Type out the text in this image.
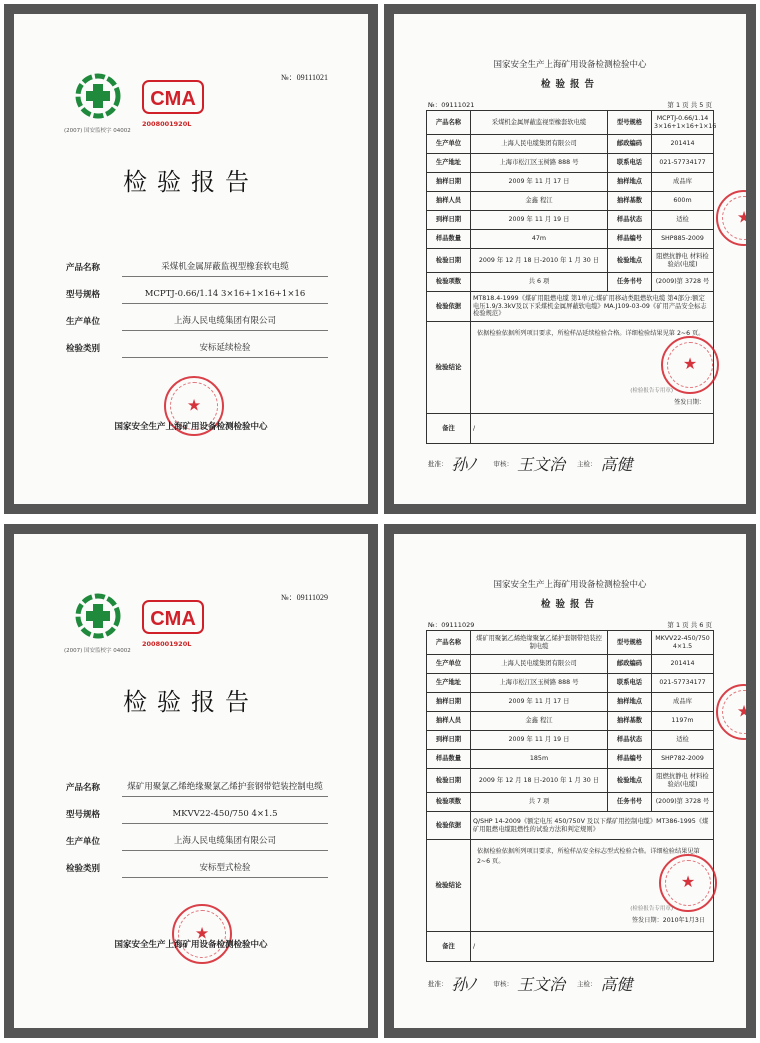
№：09111021
CMA
(2007) 国安监校字 04002
2008001920L
检验报告
产品名称	采煤机金属屏蔽监视型橡套软电缆
型号规格	MCPTJ-0.66/1.14 3×16+1×16+1×16
生产单位	上海人民电缆集团有限公司
检验类别	安标延续检验
★
国家安全生产上海矿用设备检测检验中心
国家安全生产上海矿用设备检测检验中心
检验报告
№：09111021	第 1 页 共 5 页
产品名称	采煤机金属屏蔽监视型橡套软电缆	型号规格	MCPTJ-0.66/1.14 3×16+1×16+1×16
生产单位	上海人民电缆集团有限公司	邮政编码	201414
生产地址	上海市松江区玉树路 888 号	联系电话	021-57734177
抽样日期	2009 年 11 月 17 日	抽样地点	成品库
抽样人员	金鑫 程江	抽样基数	600m
到样日期	2009 年 11 月 19 日	样品状态	适检
样品数量	47m	样品编号	SHP885-2009
检验日期	2009 年 12 月 18 日-2010 年 1 月 30 日	检验地点	阻燃抗静电 材料检验站(电缆)
检验项数	共 6 项	任务书号	(2009)第 3728 号
检验依据	MT818.4-1999《煤矿用阻燃电缆 第1单元:煤矿用移动类阻燃软电缆 第4部分:额定电压1.9/3.3kV及以下采煤机金属屏蔽软电缆》MA.J109-03-09《矿用产品安全标志检验规范》		

检验结论	依据检验依据所列项目要求，所检样品延续检验合格。详细检验结果见第 2~6 页。
(检验报告专用章)
签发日期：
★

备注	/		
批准： 孙ﾉ	审核： 王文治 主检： 高健
★
№：09111029
CMA
(2007) 国安监校字 04002
2008001920L
检验报告
产品名称	煤矿用聚氯乙烯绝缘聚氯乙烯护套钢带铠装控制电缆
型号规格	MKVV22-450/750 4×1.5
生产单位	上海人民电缆集团有限公司
检验类别	安标型式检验
★
国家安全生产上海矿用设备检测检验中心
国家安全生产上海矿用设备检测检验中心
检验报告
№：09111029	第 1 页 共 6 页
产品名称	煤矿用聚氯乙烯绝缘聚氯乙烯护套钢带铠装控制电缆	型号规格	MKVV22-450/750 4×1.5
生产单位	上海人民电缆集团有限公司	邮政编码	201414
生产地址	上海市松江区玉树路 888 号	联系电话	021-57734177
抽样日期	2009 年 11 月 17 日	抽样地点	成品库
抽样人员	金鑫 程江	抽样基数	1197m
到样日期	2009 年 11 月 19 日	样品状态	适检
样品数量	185m	样品编号	SHP782-2009
检验日期	2009 年 12 月 18 日-2010 年 1 月 30 日	检验地点	阻燃抗静电 材料检验站(电缆)
检验项数	共 7 项	任务书号	(2009)第 3728 号
检验依据	Q/SHP 14-2009《额定电压 450/750V 及以下煤矿用控制电缆》MT386-1995《煤矿用阻燃电缆阻燃性的试验方法和判定规则》		

检验结论	依据检验依据所列项目要求，所检样品安全标志型式检验合格。详细检验结果见第 2~6 页。
(检验报告专用章)
签发日期：2010年1月3日
★

备注	/		
批准： 孙ﾉ	审核： 王文治 主检： 高健
★
